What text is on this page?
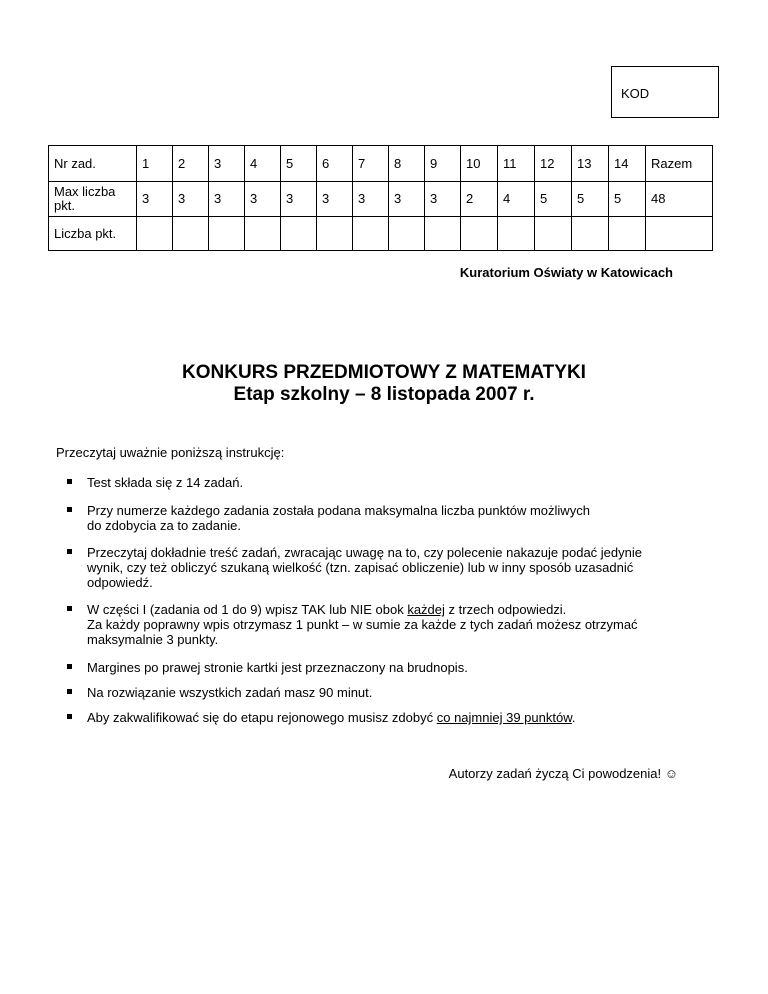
KOD
Nr zad.	1	2	3	4	5	6	7	8	9	10	11	12	13	14	Razem
Max liczba pkt.	3	3	3	3	3	3	3	3	3	2	4	5	5	5	48
Liczba pkt.															
Kuratorium Oświaty w Katowicach
KONKURS PRZEDMIOTOWY Z MATEMATYKI
Etap szkolny – 8 listopada 2007 r.
Przeczytaj uważnie poniższą instrukcję:
Test składa się z 14 zadań.
Przy numerze każdego zadania została podana maksymalna liczba punktów możliwych
do zdobycia za to zadanie.
Przeczytaj dokładnie treść zadań, zwracając uwagę na to, czy polecenie nakazuje podać jedynie
wynik, czy też obliczyć szukaną wielkość (tzn. zapisać obliczenie) lub w inny sposób uzasadnić
odpowiedź.
W części I (zadania od 1 do 9) wpisz TAK lub NIE obok każdej z trzech odpowiedzi.
Za każdy poprawny wpis otrzymasz 1 punkt – w sumie za każde z tych zadań możesz otrzymać
maksymalnie 3 punkty.
Margines po prawej stronie kartki jest przeznaczony na brudnopis.
Na rozwiązanie wszystkich zadań masz 90 minut.
Aby zakwalifikować się do etapu rejonowego musisz zdobyć co najmniej 39 punktów.
Autorzy zadań życzą Ci powodzenia! ☺
